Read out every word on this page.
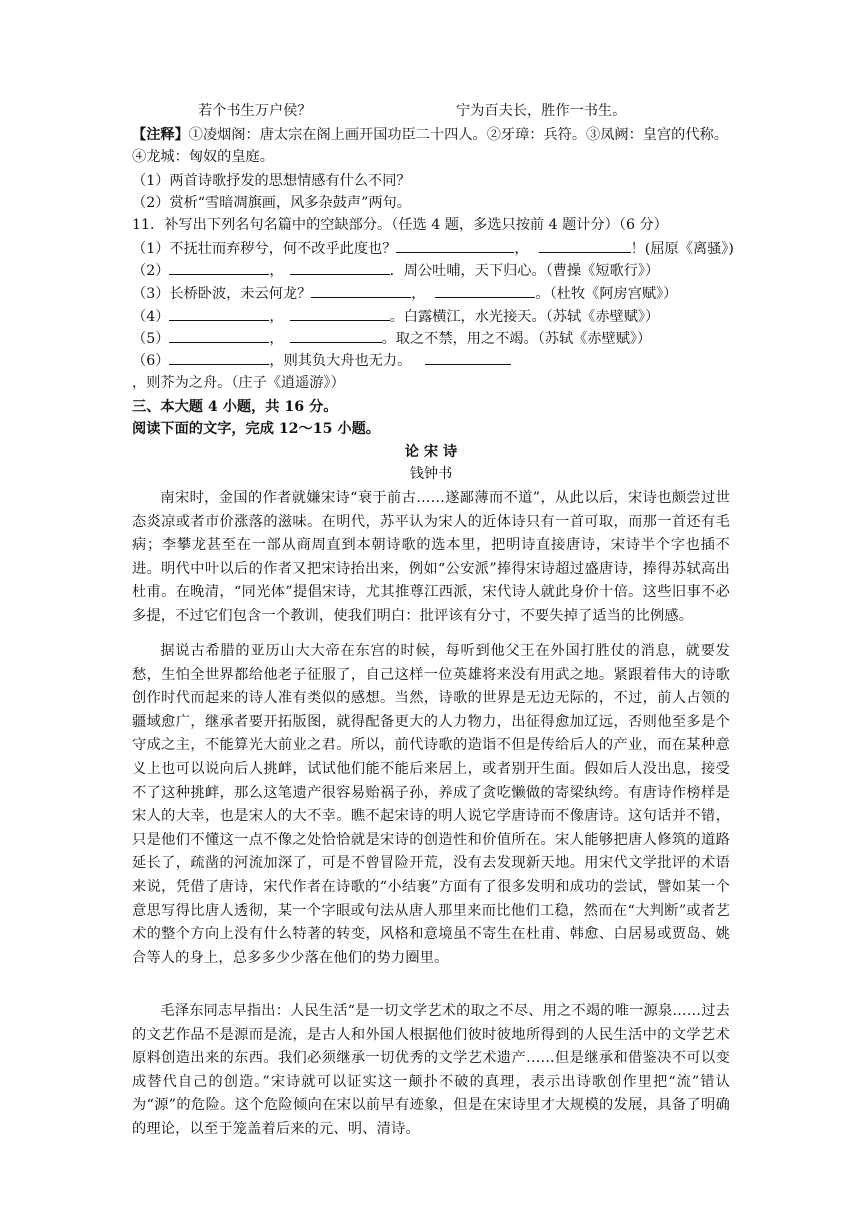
若个书生万户侯？	宁为百夫长，胜作一书生。
【注释】①凌烟阁：唐太宗在阁上画开国功臣二十四人。②牙璋：兵符。③凤阙：皇宫的代称。④龙城：匈奴的皇庭。
（1）两首诗歌抒发的思想情感有什么不同？
（2）赏析“雪暗凋旗画，风多杂鼓声”两句。
11．补写出下列名句名篇中的空缺部分。（任选 4 题，多选只按前 4 题计分）（6 分）
（1）不抚壮而弃秽兮，何不改乎此度也？	，	！(屈原《离骚》)
（2）	，	．周公吐哺，天下归心。（曹操《短歌行》）
（3）长桥卧波，未云何龙？	，	。（杜牧《阿房宫赋》）
（4）	，	。白露横江，水光接天。（苏轼《赤壁赋》）
（5）	，	。取之不禁，用之不竭。（苏轼《赤壁赋》）
（6）	，则其负大舟也无力。，则芥为之舟。（庄子《逍遥游》）
三、本大题 4 小题，共 16 分。
阅读下面的文字，完成 12～15 小题。
论 宋 诗
钱钟书
南宋时，金国的作者就嫌宋诗“衰于前古……遂鄙薄而不道”，从此以后，宋诗也颇尝过世态炎凉或者市价涨落的滋味。在明代，苏平认为宋人的近体诗只有一首可取，而那一首还有毛病；李攀龙甚至在一部从商周直到本朝诗歌的选本里，把明诗直接唐诗，宋诗半个字也插不进。明代中叶以后的作者又把宋诗抬出来，例如“公安派”捧得宋诗超过盛唐诗，捧得苏轼高出杜甫。在晚清，“同光体”提倡宋诗，尤其推尊江西派，宋代诗人就此身价十倍。这些旧事不必多提，不过它们包含一个教训，使我们明白：批评该有分寸，不要失掉了适当的比例感。
据说古希腊的亚历山大大帝在东宫的时候，每听到他父王在外国打胜仗的消息，就要发愁，生怕全世界都给他老子征服了，自己这样一位英雄将来没有用武之地。紧跟着伟大的诗歌创作时代而起来的诗人准有类似的感想。当然，诗歌的世界是无边无际的，不过，前人占领的疆域愈广，继承者要开拓版图，就得配备更大的人力物力，出征得愈加辽远，否则他至多是个守成之主，不能算光大前业之君。所以，前代诗歌的造诣不但是传给后人的产业，而在某种意义上也可以说向后人挑衅，试试他们能不能后来居上，或者别开生面。假如后人没出息，接受不了这种挑衅，那么这笔遗产很容易贻祸子孙，养成了贪吃懒做的寄梁纨绔。有唐诗作榜样是宋人的大幸，也是宋人的大不幸。瞧不起宋诗的明人说它学唐诗而不像唐诗。这句话并不错，只是他们不懂这一点不像之处恰恰就是宋诗的创造性和价值所在。宋人能够把唐人修筑的道路延长了，疏凿的河流加深了，可是不曾冒险开荒，没有去发现新天地。用宋代文学批评的术语来说，凭借了唐诗，宋代作者在诗歌的“小结裹”方面有了很多发明和成功的尝试，譬如某一个意思写得比唐人透彻，某一个字眼或句法从唐人那里来而比他们工稳，然而在“大判断”或者艺术的整个方向上没有什么特著的转变，风格和意境虽不寄生在杜甫、韩愈、白居易或贾岛、姚合等人的身上，总多多少少落在他们的势力圈里。
毛泽东同志早指出：人民生活“是一切文学艺术的取之不尽、用之不竭的唯一源泉……过去的文艺作品不是源而是流，是古人和外国人根据他们彼时彼地所得到的人民生活中的文学艺术原料创造出来的东西。我们必须继承一切优秀的文学艺术遗产……但是继承和借鉴决不可以变成替代自己的创造。”宋诗就可以证实这一颠扑不破的真理，表示出诗歌创作里把“流”错认为“源”的危险。这个危险倾向在宋以前早有迹象，但是在宋诗里才大规模的发展，具备了明确的理论，以至于笼盖着后来的元、明、清诗。
